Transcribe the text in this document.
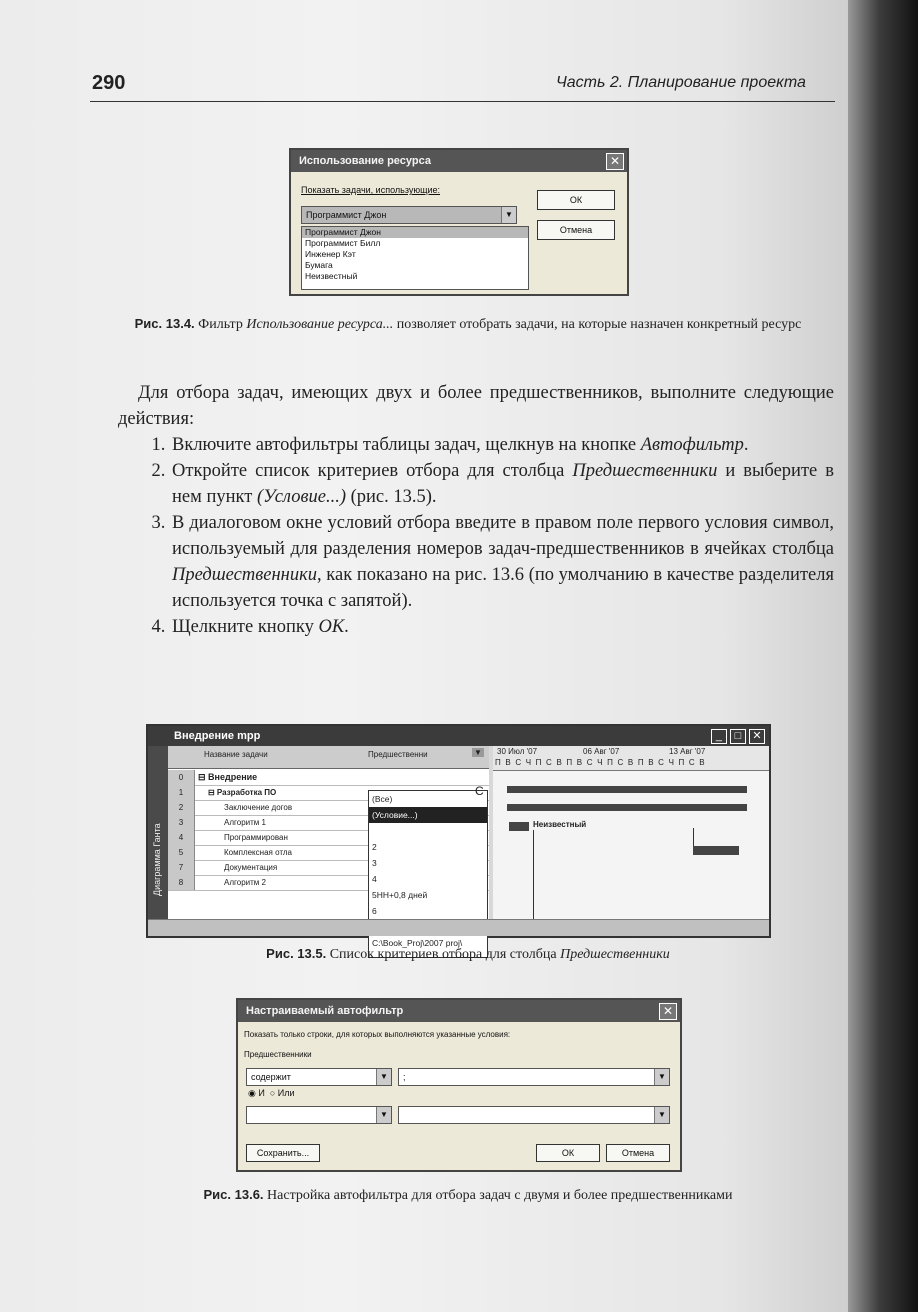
290	Часть 2. Планирование проекта
Использование ресурса	✕
Показать задачи, использующие:
Программист Джон	▼
Программист Джон
Программист Билл
Инженер Кэт
Бумага
Неизвестный
ОК
Отмена
Рис. 13.4. Фильтр Использование ресурса... позволяет отобрать задачи, на которые назначен конкретный ресурс

Для отбора задач, имеющих двух и более предшественников, выполните следующие действия:

1. Включите автофильтры таблицы задач, щелкнув на кнопке Автофильтр.
2. Откройте список критериев отбора для столбца Предшественники и выберите в нем пункт (Условие...) (рис. 13.5).
3. В диалоговом окне условий отбора введите в правом поле первого условия символ, используемый для разделения номеров задач-предшественников в ячейках столбца Предшественники, как показано на рис. 13.6 (по умолчанию в качестве разделителя используется точка с запятой).
4. Щелкните кнопку ОК.
Внедрение mpp	_ □ ✕
Диаграмма Ганта
Название задачи	Предшественни	▼
0	⊟ Внедрение
1	⊟ Разработка ПО
2	Заключение догов
3	Алгоритм 1
4	Программирован
5	Комплексная отла
7	Документация
8	Алгоритм 2
(Все)
(Условие...)
2
3
4
5НН+0,8 дней
6
C:\Book_Proj\2007 proj\
С
30 Июл '07	06 Авг '07	13 Авг '07
П В С Ч П С В П В С Ч П С В П В С Ч П С В
Неизвестный
Рис. 13.5. Список критериев отбора для столбца Предшественники
Настраиваемый автофильтр	✕
Показать только строки, для которых выполняются указанные условия:
Предшественники
содержит	▼	;	▼
◉ И ○ Или
▼	▼
Сохранить...	ОК	Отмена
Рис. 13.6. Настройка автофильтра для отбора задач с двумя и более предшественниками
